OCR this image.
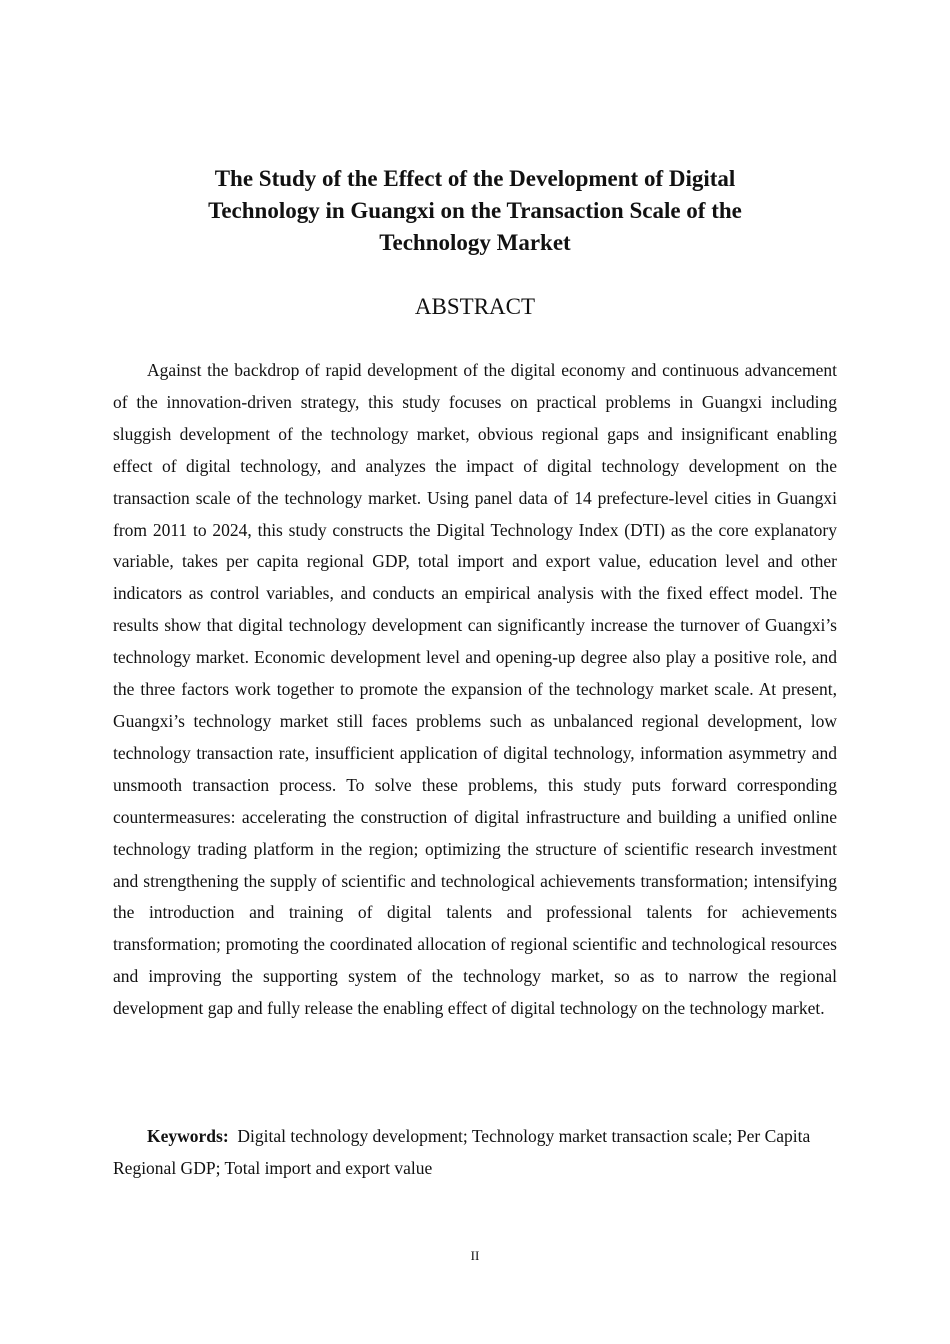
The Study of the Effect of the Development of Digital
Technology in Guangxi on the Transaction Scale of the
Technology Market
ABSTRACT

Against the backdrop of rapid development of the digital economy and continuous advancement of the innovation-driven strategy, this study focuses on practical problems in Guangxi including sluggish development of the technology market, obvious regional gaps and insignificant enabling effect of digital technology, and analyzes the impact of digital technology development on the transaction scale of the technology market. Using panel data of 14 prefecture-level cities in Guangxi from 2011 to 2024, this study constructs the Digital Technology Index (DTI) as the core explanatory variable, takes per capita regional GDP, total import and export value, education level and other indicators as control variables, and conducts an empirical analysis with the fixed effect model. The results show that digital technology development can significantly increase the turnover of Guangxi’s technology market. Economic development level and opening-up degree also play a positive role, and the three factors work together to promote the expansion of the technology market scale. At present, Guangxi’s technology market still faces problems such as unbalanced regional development, low technology transaction rate, insufficient application of digital technology, information asymmetry and unsmooth transaction process. To solve these problems, this study puts forward corresponding countermeasures: accelerating the construction of digital infrastructure and building a unified online technology trading platform in the region; optimizing the structure of scientific research investment and strengthening the supply of scientific and technological achievements transformation; intensifying the introduction and training of digital talents and professional talents for achievements transformation; promoting the coordinated allocation of regional scientific and technological resources and improving the supporting system of the technology market, so as to narrow the regional development gap and fully release the enabling effect of digital technology on the technology market.

Keywords: Digital technology development; Technology market transaction scale; Per Capita Regional GDP; Total import and export value

II
